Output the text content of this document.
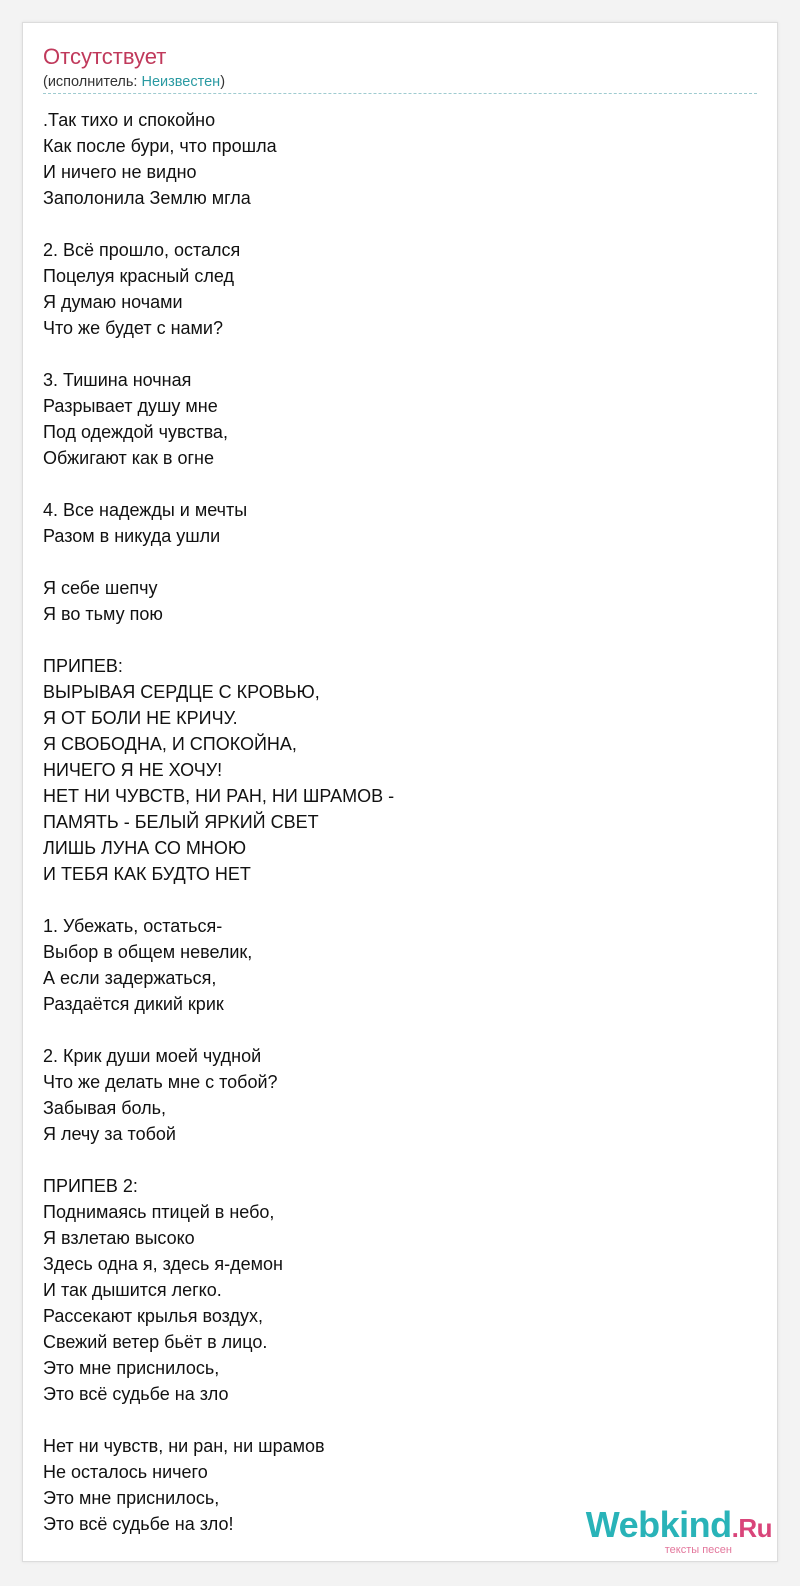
Отсутствует
(исполнитель: Неизвестен)
.Так тихо и спокойно
Как после бури, что прошла
И ничего не видно
Заполонила Землю мгла

2. Всё прошло, остался
Поцелуя красный след
Я думаю ночами
Что же будет с нами?

3. Тишина ночная
Разрывает душу мне
Под одеждой чувства,
Обжигают как в огне

4. Все надежды и мечты
Разом в никуда ушли

Я себе шепчу
Я во тьму пою

ПРИПЕВ:
ВЫРЫВАЯ СЕРДЦЕ С КРОВЬЮ,
Я ОТ БОЛИ НЕ КРИЧУ.
Я СВОБОДНА, И СПОКОЙНА,
НИЧЕГО Я НЕ ХОЧУ!
НЕТ НИ ЧУВСТВ, НИ РАН, НИ ШРАМОВ -
ПАМЯТЬ - БЕЛЫЙ ЯРКИЙ СВЕТ
ЛИШЬ ЛУНА СО МНОЮ
И ТЕБЯ КАК БУДТО НЕТ

1. Убежать, остаться-
Выбор в общем невелик,
А если задержаться,
Раздаётся дикий крик

2. Крик души моей чудной
Что же делать мне с тобой?
Забывая боль,
Я лечу за тобой

ПРИПЕВ 2:
Поднимаясь птицей в небо,
Я взлетаю высоко
Здесь одна я, здесь я-демон
И так дышится легко.
Рассекают крылья воздух,
Свежий ветер бьёт в лицо.
Это мне приснилось,
Это всё судьбе на зло

Нет ни чувств, ни ран, ни шрамов
Не осталось ничего
Это мне приснилось,
Это всё судьбе на зло!	Webkind.Ru
тексты песен
